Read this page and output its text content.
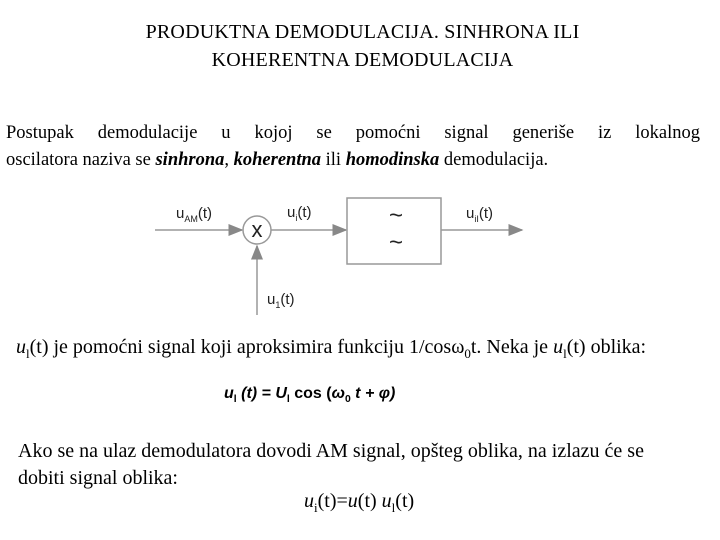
PRODUKTNA DEMODULACIJA. SINHRONA ILI
KOHERENTNA DEMODULACIJA
Postupak demodulacije u kojoj se pomoćni signal generiše iz lokalnog
oscilatora naziva se sinhrona, koherentna ili homodinska demodulacija.
x
~
~
$u_{AM}(t)$	$u_i(t)$	$u_{iI}(t)$
$u_1(t)$
$u_l(t)$ je pomoćni signal koji aproksimira funkciju 1/cosω$_0$t. Neka je $u_l(t)$ oblika:
$u_l$ $(t) = U_l$ $\cos (\omega_0$ t + φ)
Ako se na ulaz demodulatora dovodi AM signal, opšteg oblika, na izlazu će se
dobiti signal oblika:
$u_i(t)=u(t)$ $u_l(t)$
